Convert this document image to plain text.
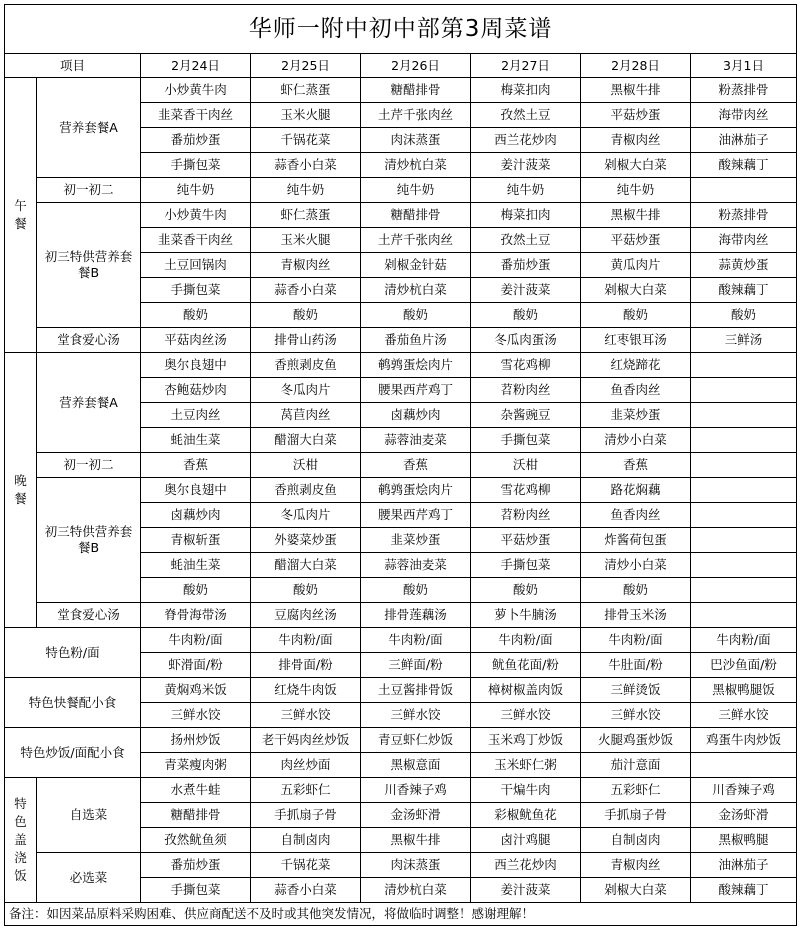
华师一附中初中部第3周菜谱							
项目		2月24日	2月25日	2月26日	2月27日	2月28日	3月1日
午餐	营养套餐A	小炒黄牛肉	虾仁蒸蛋	糖醋排骨	梅菜扣肉	黑椒牛排	粉蒸排骨
		韭菜香干肉丝	玉米火腿	土芹千张肉丝	孜然土豆	平菇炒蛋	海带肉丝
		番茄炒蛋	千锅花菜	肉沫蒸蛋	西兰花炒肉	青椒肉丝	油淋茄子
		手撕包菜	蒜香小白菜	清炒杭白菜	姜汁菠菜	剁椒大白菜	酸辣藕丁
	初一初二	纯牛奶	纯牛奶	纯牛奶	纯牛奶	纯牛奶	
	初三特供营养套餐B	小炒黄牛肉	虾仁蒸蛋	糖醋排骨	梅菜扣肉	黑椒牛排	粉蒸排骨
		韭菜香干肉丝	玉米火腿	土芹千张肉丝	孜然土豆	平菇炒蛋	海带肉丝
		土豆回锅肉	青椒肉丝	剁椒金针菇	番茄炒蛋	黄瓜肉片	蒜黄炒蛋
		手撕包菜	蒜香小白菜	清炒杭白菜	姜汁菠菜	剁椒大白菜	酸辣藕丁
		酸奶	酸奶	酸奶	酸奶	酸奶	酸奶
	堂食爱心汤	平菇肉丝汤	排骨山药汤	番茄鱼片汤	冬瓜肉蛋汤	红枣银耳汤	三鲜汤
晚餐	营养套餐A	奥尔良翅中	香煎剥皮鱼	鹌鹑蛋烩肉片	雪花鸡柳	红烧蹄花	
		杏鲍菇炒肉	冬瓜肉片	腰果西芹鸡丁	苕粉肉丝	鱼香肉丝	
		土豆肉丝	莴苣肉丝	卤藕炒肉	杂酱豌豆	韭菜炒蛋	
		蚝油生菜	醋溜大白菜	蒜蓉油麦菜	手撕包菜	清炒小白菜	
	初一初二	香蕉	沃柑	香蕉	沃柑	香蕉	
	初三特供营养套餐B	奥尔良翅中	香煎剥皮鱼	鹌鹑蛋烩肉片	雪花鸡柳	路花焖藕	
		卤藕炒肉	冬瓜肉片	腰果西芹鸡丁	苕粉肉丝	鱼香肉丝	
		青椒斩蛋	外婆菜炒蛋	韭菜炒蛋	平菇炒蛋	炸酱荷包蛋	
		蚝油生菜	醋溜大白菜	蒜蓉油麦菜	手撕包菜	清炒小白菜	
		酸奶	酸奶	酸奶	酸奶	酸奶	
	堂食爱心汤	脊骨海带汤	豆腐肉丝汤	排骨莲藕汤	萝卜牛腩汤	排骨玉米汤	
特色粉/面		牛肉粉/面	牛肉粉/面	牛肉粉/面	牛肉粉/面	牛肉粉/面	牛肉粉/面
		虾滑面/粉	排骨面/粉	三鲜面/粉	鱿鱼花面/粉	牛肚面/粉	巴沙鱼面/粉
特色快餐配小食		黄焖鸡米饭	红烧牛肉饭	土豆酱排骨饭	樟树椒盖肉饭	三鲜烫饭	黑椒鸭腿饭
		三鲜水饺	三鲜水饺	三鲜水饺	三鲜水饺	三鲜水饺	三鲜水饺
特色炒饭/面配小食		扬州炒饭	老干妈肉丝炒饭	青豆虾仁炒饭	玉米鸡丁炒饭	火腿鸡蛋炒饭	鸡蛋牛肉炒饭
		青菜瘦肉粥	肉丝炒面	黑椒意面	玉米虾仁粥	茄汁意面	
特色盖浇饭	自选菜	水煮牛蛙	五彩虾仁	川香辣子鸡	干煸牛肉	五彩虾仁	川香辣子鸡
		糖醋排骨	手抓扇子骨	金汤虾滑	彩椒鱿鱼花	手抓扇子骨	金汤虾滑
		孜然鱿鱼须	自制卤肉	黑椒牛排	卤汁鸡腿	自制卤肉	黑椒鸭腿
	必选菜	番茄炒蛋	千锅花菜	肉沫蒸蛋	西兰花炒肉	青椒肉丝	油淋茄子
		手撕包菜	蒜香小白菜	清炒杭白菜	姜汁菠菜	剁椒大白菜	酸辣藕丁
备注：如因菜品原料采购困难、供应商配送不及时或其他突发情况，将做临时调整！感谢理解！							
